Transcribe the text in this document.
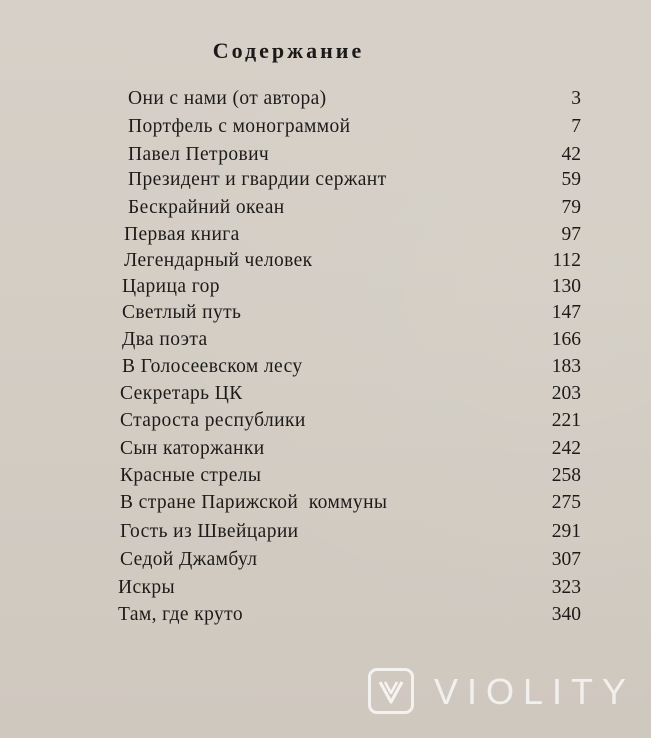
Содержание
Они с нами (от автора)	3
Портфель с монограммой	7
Павел Петрович	42
Президент и гвардии сержант	59
Бескрайний океан	79
Первая книга	97
Легендарный человек	112
Царица гор	130
Светлый путь	147
Два поэта	166
В Голосеевском лесу	183
Секретарь ЦК	203
Староста республики	221
Сын каторжанки	242
Красные стрелы	258
В стране Парижской  коммуны	275
Гость из Швейцарии	291
Седой Джамбул	307
Искры	323
Там, где круто	340
VIOLITY
